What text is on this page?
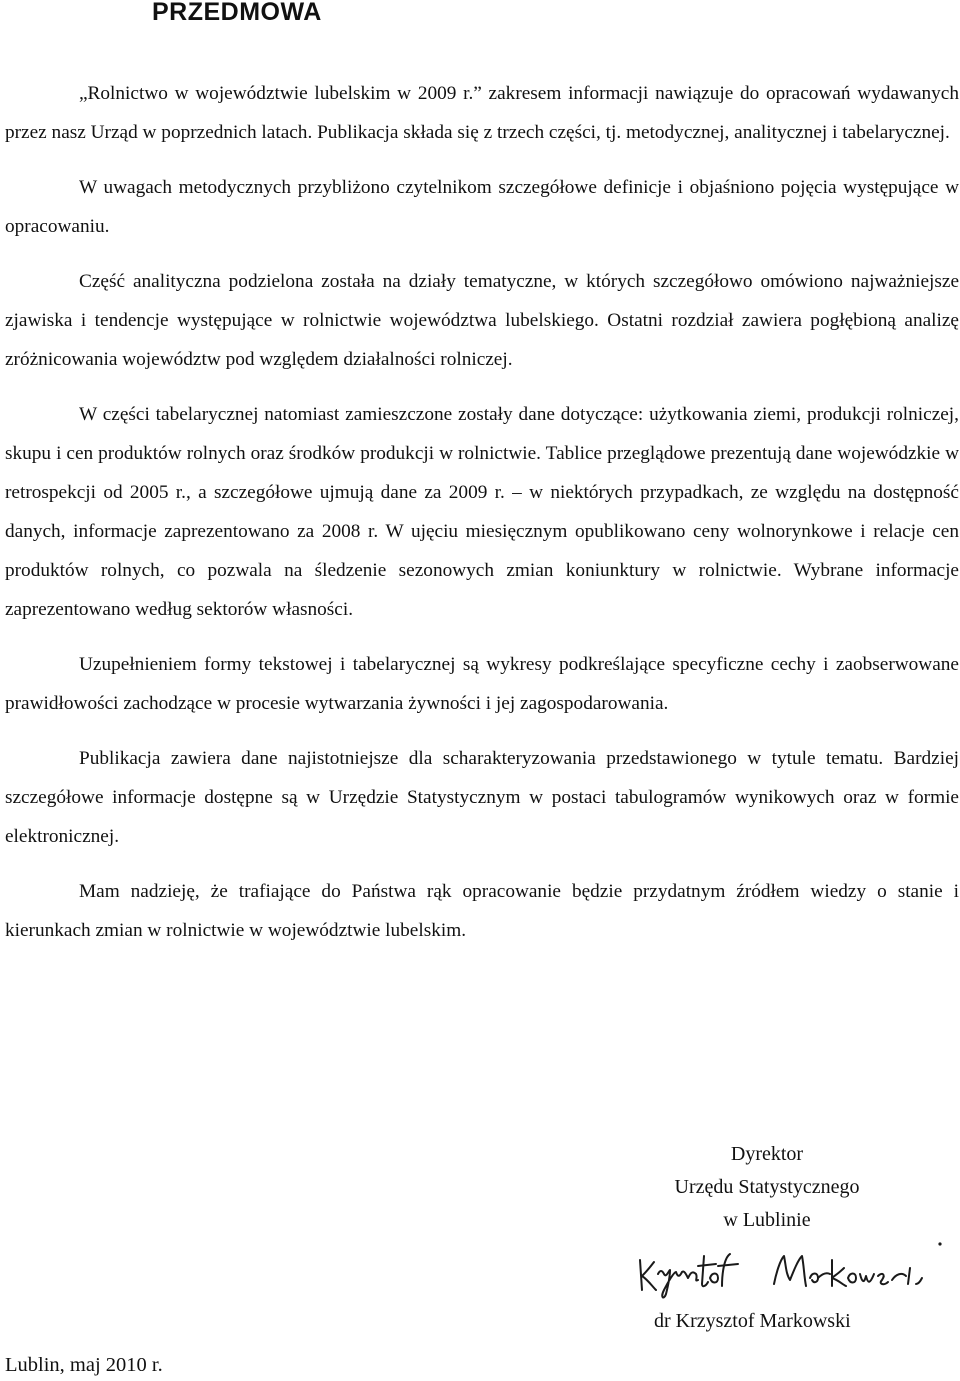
PRZEDMOWA

„Rolnictwo w województwie lubelskim w 2009 r.” zakresem informacji nawiązuje do opracowań wydawanych przez nasz Urząd w poprzednich latach. Publikacja składa się z trzech części, tj. metodycznej, analitycznej i tabelarycznej.

W uwagach metodycznych przybliżono czytelnikom szczegółowe definicje i objaśniono pojęcia występujące w opracowaniu.

Część analityczna podzielona została na działy tematyczne, w których szczegółowo omówiono najważniejsze zjawiska i tendencje występujące w rolnictwie województwa lubelskiego. Ostatni rozdział zawiera pogłębioną analizę zróżnicowania województw pod względem działalności rolniczej.

W części tabelarycznej natomiast zamieszczone zostały dane dotyczące: użytkowania ziemi, produkcji rolniczej, skupu i cen produktów rolnych oraz środków produkcji w rolnictwie. Tablice przeglądowe prezentują dane wojewódzkie w retrospekcji od 2005 r., a szczegółowe ujmują dane za 2009 r. – w niektórych przypadkach, ze względu na dostępność danych, informacje zaprezentowano za 2008 r. W ujęciu miesięcznym opublikowano ceny wolnorynkowe i relacje cen produktów rolnych, co pozwala na śledzenie sezonowych zmian koniunktury w rolnictwie. Wybrane informacje zaprezentowano według sektorów własności.

Uzupełnieniem formy tekstowej i tabelarycznej są wykresy podkreślające specyficzne cechy i zaobserwowane prawidłowości zachodzące w procesie wytwarzania żywności i jej zagospodarowania.

Publikacja zawiera dane najistotniejsze dla scharakteryzowania przedstawionego w tytule tematu. Bardziej szczegółowe informacje dostępne są w Urzędzie Statystycznym w postaci tabulogramów wynikowych oraz w formie elektronicznej.

Mam nadzieję, że trafiające do Państwa rąk opracowanie będzie przydatnym źródłem wiedzy o stanie i kierunkach zmian w rolnictwie w województwie lubelskim.

Dyrektor
Urzędu Statystycznego
w Lublinie
dr Krzysztof Markowski
Lublin, maj 2010 r.
